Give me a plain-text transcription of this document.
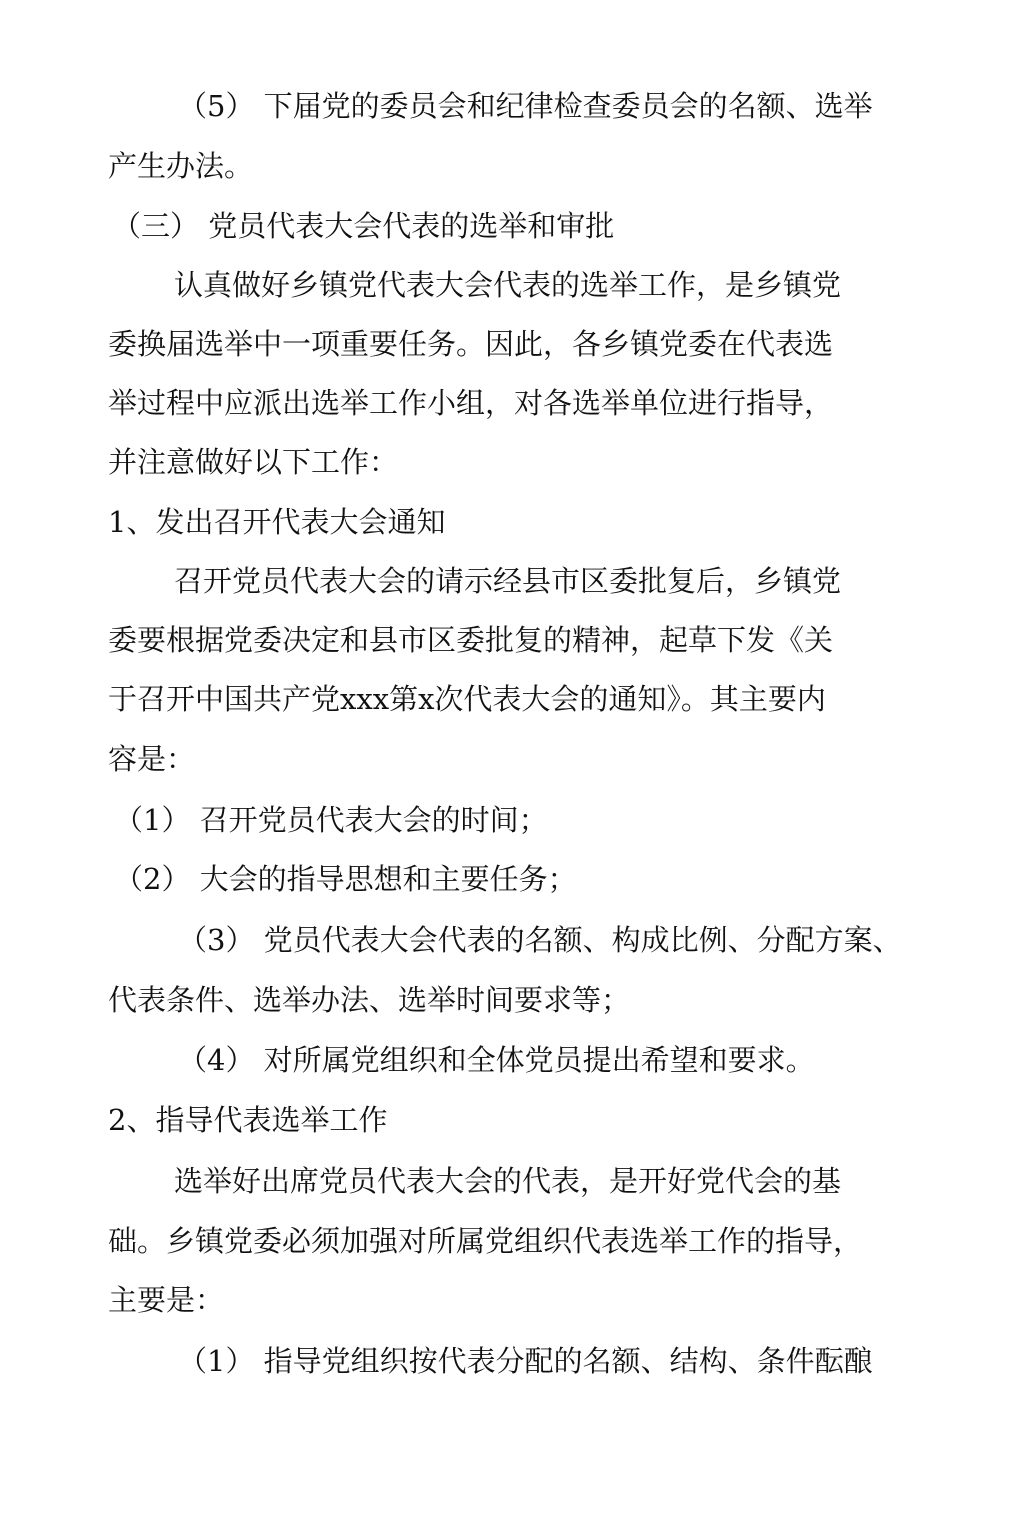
（5） 下届党的委员会和纪律检查委员会的名额、选举
产生办法。
（三） 党员代表大会代表的选举和审批
认真做好乡镇党代表大会代表的选举工作，是乡镇党
委换届选举中一项重要任务。因此，各乡镇党委在代表选
举过程中应派出选举工作小组，对各选举单位进行指导，
并注意做好以下工作：
1、发出召开代表大会通知
召开党员代表大会的请示经县市区委批复后，乡镇党
委要根据党委决定和县市区委批复的精神，起草下发《关
于召开中国共产党xxx第x次代表大会的通知》。其主要内
容是：
（1） 召开党员代表大会的时间；
（2） 大会的指导思想和主要任务；
（3） 党员代表大会代表的名额、构成比例、分配方案、
代表条件、选举办法、选举时间要求等；
（4） 对所属党组织和全体党员提出希望和要求。
2、指导代表选举工作
选举好出席党员代表大会的代表，是开好党代会的基
础。乡镇党委必须加强对所属党组织代表选举工作的指导，
主要是：
（1） 指导党组织按代表分配的名额、结构、条件酝酿
